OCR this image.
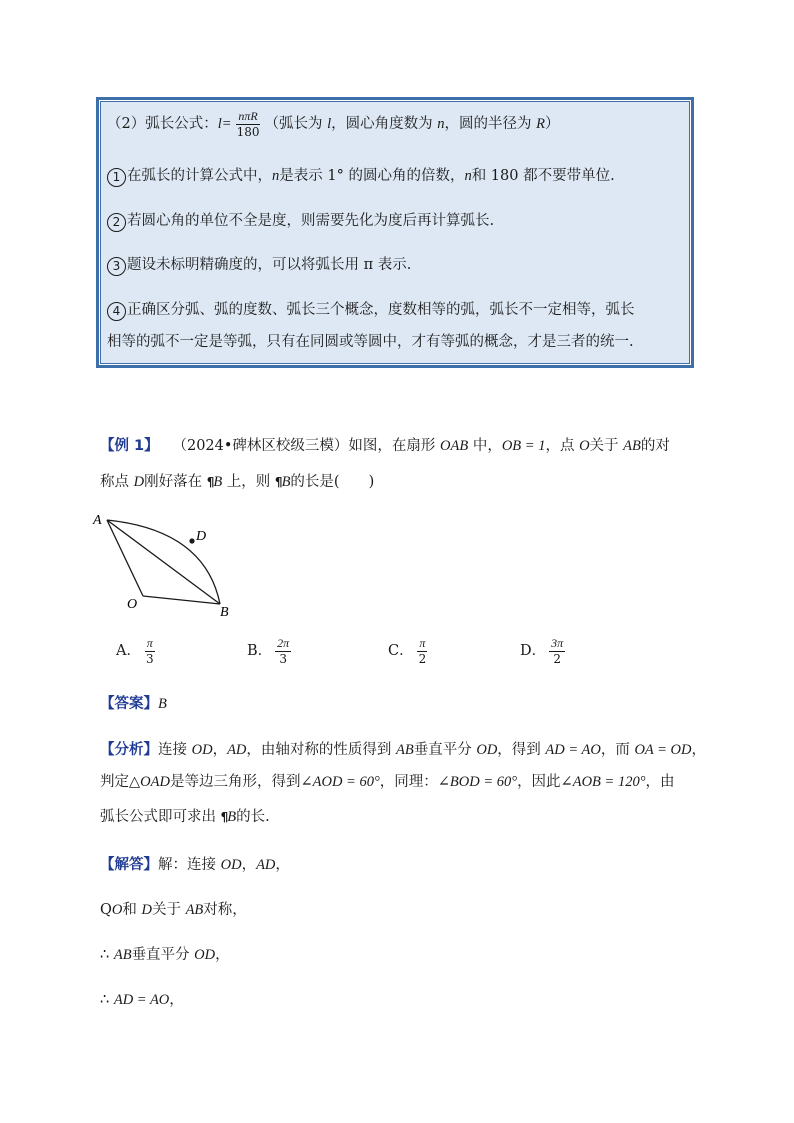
（2）弧长公式：$l= \frac{\text{nπR}}{180}$ （弧长为 l，圆心角度数为 n，圆的半径为 R）
1 在弧长的计算公式中，n是表示 1° 的圆心角的倍数，n和 180 都不要带单位.
2 若圆心角的单位不全是度，则需要先化为度后再计算弧长.
3 题设未标明精确度的，可以将弧长用 π 表示.
4 正确区分弧、弧的度数、弧长三个概念，度数相等的弧，弧长不一定相等，弧长
相等的弧不一定是等弧，只有在同圆或等圆中，才有等弧的概念，才是三者的统一.
【例 1】 （2024•碑林区校级三模）如图，在扇形 OAB 中，OB = 1，点 O关于 AB的对
称点 D刚好落在 ¶ B 上，则 ¶ B的长是(　　)
A
D
O
B
A． $\frac{\pi}{3}$	B． $\frac{2\pi}{3}$	C． $\frac{\pi}{2}$	D． $\frac{3\pi}{2}$
【答案】B
【分析】连接 OD，AD，由轴对称的性质得到 AB垂直平分 OD，得到 AD = AO，而 OA = OD，
判定△OAD是等边三角形，得到∠AOD = 60°，同理：∠BOD = 60°，因此∠AOB = 120°，由
弧长公式即可求出 ¶ B的长.
【解答】解：连接 OD，AD，
QO和 D关于 AB对称，
∴ AB垂直平分 OD，
∴ AD = AO，
